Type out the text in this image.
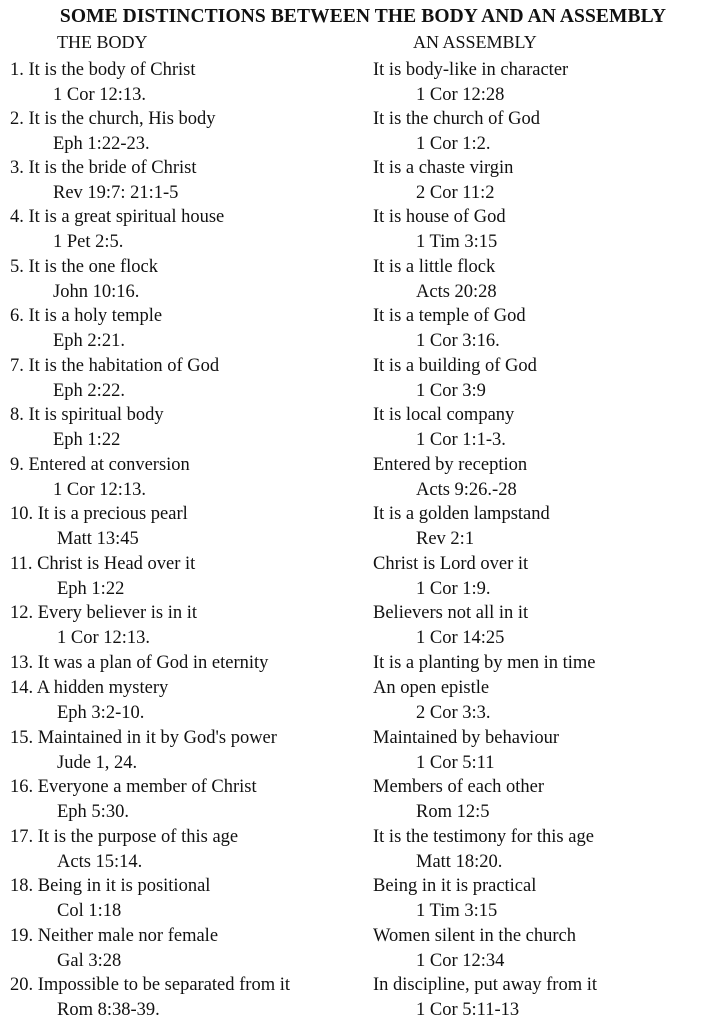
SOME DISTINCTIONS BETWEEN THE BODY AND AN ASSEMBLY
THE BODY	AN ASSEMBLY
1. It is the body of Christ
1 Cor 12:13.
It is body-like in character
1 Cor 12:28
2. It is the church, His body
Eph 1:22-23.
It is the church of God
1 Cor 1:2.
3. It is the bride of Christ
Rev 19:7: 21:1-5
It is a chaste virgin
2 Cor 11:2
4. It is a great spiritual house
1 Pet 2:5.
It is house of God
1 Tim 3:15
5. It is the one flock
John 10:16.
It is a little flock
Acts 20:28
6. It is a holy temple
Eph 2:21.
It is a temple of God
1 Cor 3:16.
7. It is the habitation of God
Eph 2:22.
It is a building of God
1 Cor 3:9
8. It is spiritual body
Eph 1:22
It is local company
1 Cor 1:1-3.
9. Entered at conversion
1 Cor 12:13.
Entered by reception
Acts 9:26.-28
10. It is a precious pearl
Matt 13:45
It is a golden lampstand
Rev 2:1
11. Christ is Head over it
Eph 1:22
Christ is Lord over it
1 Cor 1:9.
12. Every believer is in it
1 Cor 12:13.
Believers not all in it
1 Cor 14:25
13. It was a plan of God in eternity	It is a planting by men in time
14. A hidden mystery
Eph 3:2-10.
An open epistle
2 Cor 3:3.
15. Maintained in it by God's power
Jude 1, 24.
Maintained by behaviour
1 Cor 5:11
16. Everyone a member of Christ
Eph 5:30.
Members of each other
Rom 12:5
17. It is the purpose of this age
Acts 15:14.
It is the testimony for this age
Matt 18:20.
18. Being in it is positional
Col 1:18
Being in it is practical
1 Tim 3:15
19. Neither male nor female
Gal 3:28
Women silent in the church
1 Cor 12:34
20. Impossible to be separated from it
Rom 8:38-39.
In discipline, put away from it
1 Cor 5:11-13
